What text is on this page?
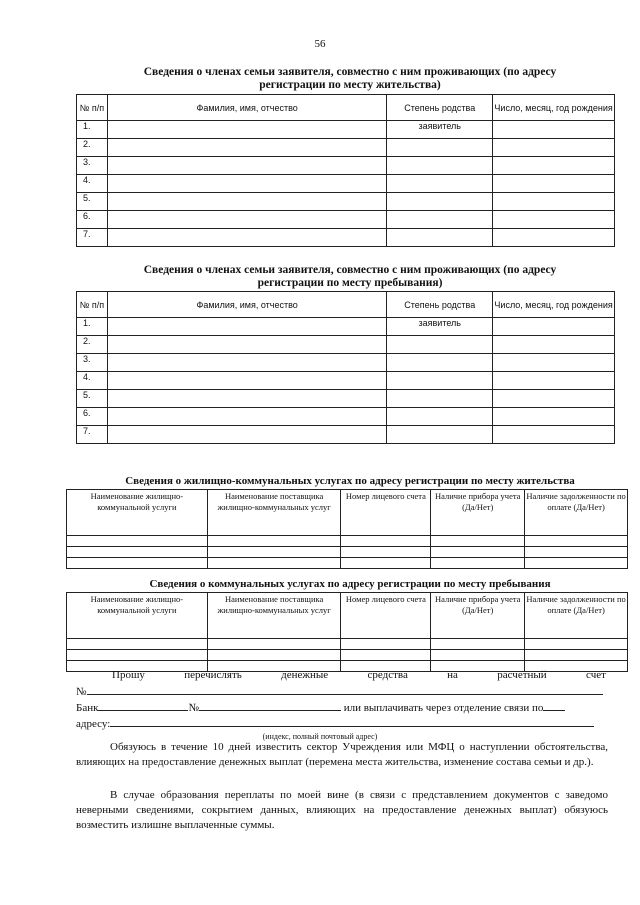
56
Сведения о членах семьи заявителя, совместно с ним проживающих (по адресу
регистрации по месту жительства)
№ п/п	Фамилия, имя, отчество	Степень родства	Число, месяц, год рождения
1.		заявитель	
2.			
3.			
4.			
5.			
6.			
7.			
Сведения о членах семьи заявителя, совместно с ним проживающих (по адресу
регистрации по месту пребывания)
№ п/п	Фамилия, имя, отчество	Степень родства	Число, месяц, год рождения
1.		заявитель	
2.			
3.			
4.			
5.			
6.			
7.			
Сведения о жилищно-коммунальных услугах по адресу регистрации по месту жительства
Наименование жилищно-коммунальной услуги	Наименование поставщика жилищно-коммунальных услуг	Номер лицевого счета	Наличие прибора учета (Да/Нет)	Наличие задолженности по оплате (Да/Нет)

Сведения о коммунальных услугах по адресу регистрации по месту пребывания
Наименование жилищно-коммунальной услуги	Наименование поставщика жилищно-коммунальных услуг	Номер лицевого счета	Наличие прибора учета (Да/Нет)	Наличие задолженности по оплате (Да/Нет)

Прошу	перечислять	денежные	средства	на	расчетный	счет
№
Банк	№	или выплачивать через отделение связи по
адресу:
(индекс, полный почтовый адрес)
Обязуюсь в течение 10 дней известить сектор Учреждения или МФЦ о наступлении обстоятельства, влияющих на предоставление денежных выплат (перемена места жительства, изменение состава семьи и др.).
В случае образования переплаты по моей вине (в связи с представлением документов с заведомо неверными сведениями, сокрытием данных, влияющих на предоставление денежных выплат) обязуюсь возместить излишне выплаченные суммы.
